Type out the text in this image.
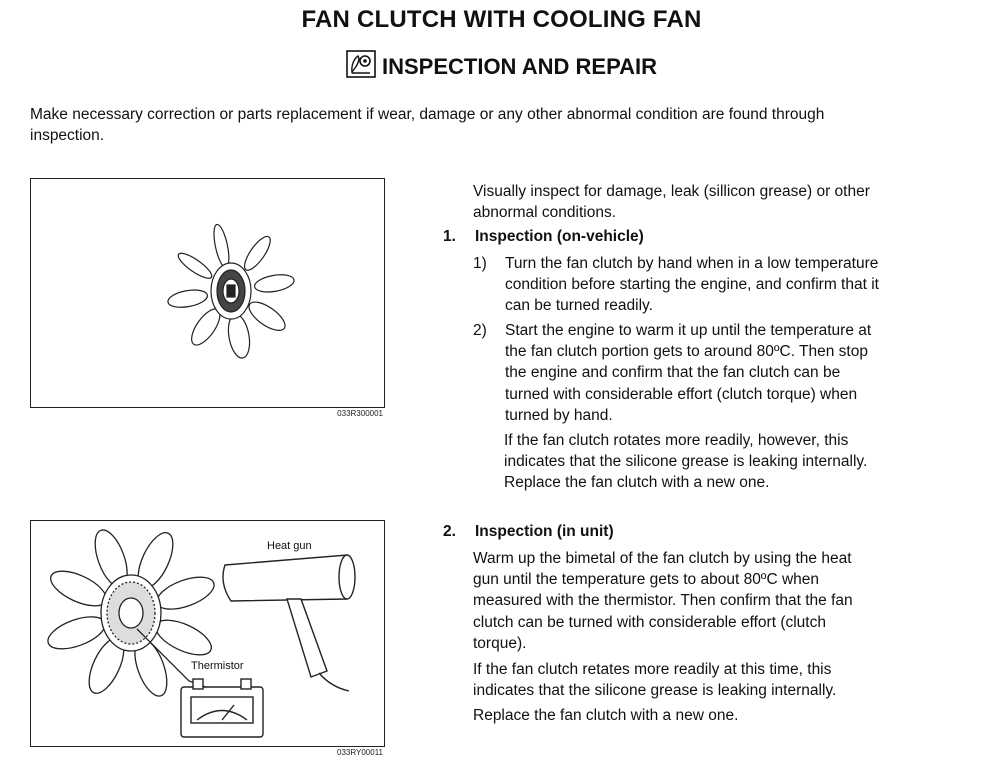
FAN CLUTCH WITH COOLING FAN
INSPECTION AND REPAIR
Make necessary correction or parts replacement if wear, damage or any other abnormal condition are found through
inspection.
033R300001
Heat gun
Thermistor
033RY00011
Visually inspect for damage, leak (sillicon grease) or other
abnormal conditions.
1. Inspection (on-vehicle)
1) Turn the fan clutch by hand when in a low temperature
condition before starting the engine, and confirm that it
can be turned readily.
2) Start the engine to warm it up until the temperature at
the fan clutch portion gets to around 80ºC. Then stop
the engine and confirm that the fan clutch can be
turned with considerable effort (clutch torque) when
turned by hand.
If the fan clutch rotates more readily, however, this
indicates that the silicone grease is leaking internally.
Replace the fan clutch with a new one.
2. Inspection (in unit)
Warm up the bimetal of the fan clutch by using the heat
gun until the temperature gets to about 80ºC when
measured with the thermistor. Then confirm that the fan
clutch can be turned with considerable effort (clutch
torque).
If the fan clutch retates more readily at this time, this
indicates that the silicone grease is leaking internally.
Replace the fan clutch with a new one.
